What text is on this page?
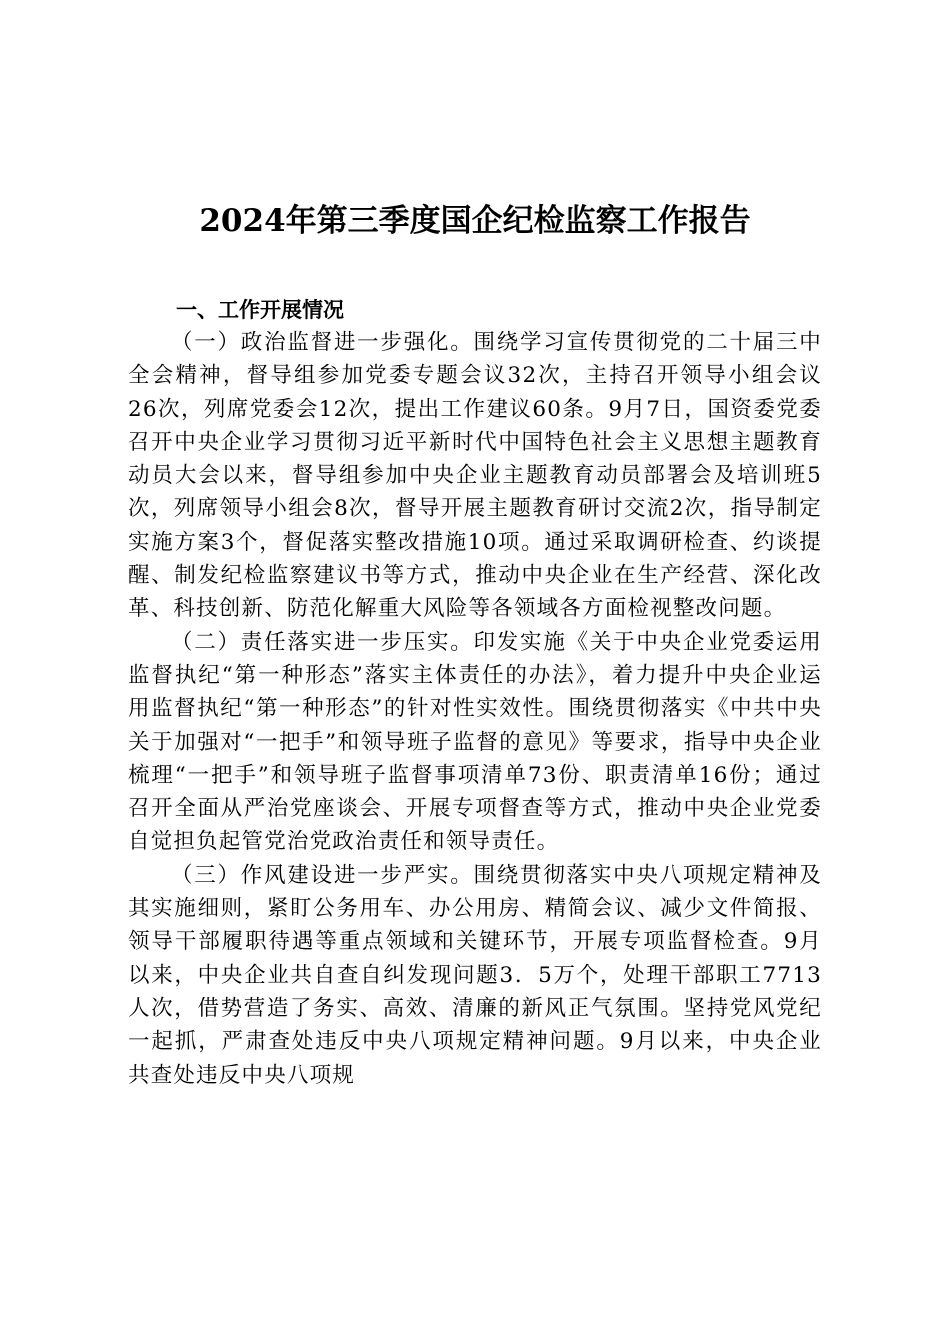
2024年第三季度国企纪检监察工作报告
一、工作开展情况

（一）政治监督进一步强化。围绕学习宣传贯彻党的二十届三中全会精神，督导组参加党委专题会议32次，主持召开领导小组会议26次，列席党委会12次，提出工作建议60条。9月7日，国资委党委召开中央企业学习贯彻习近平新时代中国特色社会主义思想主题教育动员大会以来，督导组参加中央企业主题教育动员部署会及培训班5次，列席领导小组会8次，督导开展主题教育研讨交流2次，指导制定实施方案3个，督促落实整改措施10项。通过采取调研检查、约谈提醒、制发纪检监察建议书等方式，推动中央企业在生产经营、深化改革、科技创新、防范化解重大风险等各领域各方面检视整改问题。

（二）责任落实进一步压实。印发实施《关于中央企业党委运用监督执纪“第一种形态”落实主体责任的办法》，着力提升中央企业运用监督执纪“第一种形态”的针对性实效性。围绕贯彻落实《中共中央关于加强对“一把手”和领导班子监督的意见》等要求，指导中央企业梳理“一把手”和领导班子监督事项清单73份、职责清单16份；通过召开全面从严治党座谈会、开展专项督查等方式，推动中央企业党委自觉担负起管党治党政治责任和领导责任。

（三）作风建设进一步严实。围绕贯彻落实中央八项规定精神及其实施细则，紧盯公务用车、办公用房、精简会议、减少文件简报、领导干部履职待遇等重点领域和关键环节，开展专项监督检查。9月以来，中央企业共自查自纠发现问题3．5万个，处理干部职工7713人次，借势营造了务实、高效、清廉的新风正气氛围。坚持党风党纪一起抓，严肃查处违反中央八项规定精神问题。9月以来，中央企业共查处违反中央八项规
